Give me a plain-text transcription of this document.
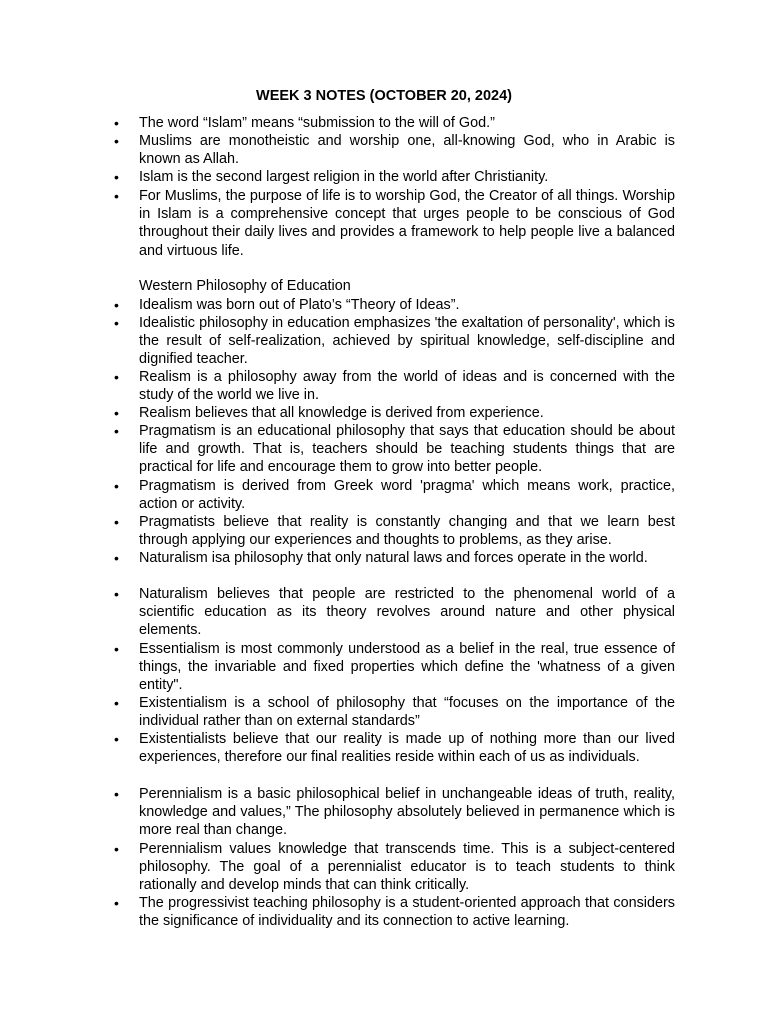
WEEK 3 NOTES (OCTOBER 20, 2024)
•	The word “Islam” means “submission to the will of God.”
•	Muslims are monotheistic and worship one, all-knowing God, who in Arabic is known as Allah.
•	Islam is the second largest religion in the world after Christianity.
•	For Muslims, the purpose of life is to worship God, the Creator of all things. Worship in Islam is a comprehensive concept that urges people to be conscious of God throughout their daily lives and provides a framework to help people live a balanced and virtuous life.
Western Philosophy of Education
•	Idealism was born out of Plato’s “Theory of Ideas”.
•	Idealistic philosophy in education emphasizes 'the exaltation of personality', which is the result of self-realization, achieved by spiritual knowledge, self-discipline and dignified teacher.
•	Realism is a philosophy away from the world of ideas and is concerned with the study of the world we live in.
•	Realism believes that all knowledge is derived from experience.
•	Pragmatism is an educational philosophy that says that education should be about life and growth. That is, teachers should be teaching students things that are practical for life and encourage them to grow into better people.
•	Pragmatism is derived from Greek word 'pragma' which means work, practice, action or activity.
•	Pragmatists believe that reality is constantly changing and that we learn best through applying our experiences and thoughts to problems, as they arise.
•	Naturalism isa philosophy that only natural laws and forces operate in the world.
•	Naturalism believes that people are restricted to the phenomenal world of a scientific education as its theory revolves around nature and other physical elements.
•	Essentialism is most commonly understood as a belief in the real, true essence of things, the invariable and fixed properties which define the 'whatness of a given entity".
•	Existentialism is a school of philosophy that “focuses on the importance of the individual rather than on external standards”
•	Existentialists believe that our reality is made up of nothing more than our lived experiences, therefore our final realities reside within each of us as individuals.
•	Perennialism is a basic philosophical belief in unchangeable ideas of truth, reality, knowledge and values,” The philosophy absolutely believed in permanence which is more real than change.
•	Perennialism values knowledge that transcends time. This is a subject-centered philosophy. The goal of a perennialist educator is to teach students to think rationally and develop minds that can think critically.
•	The progressivist teaching philosophy is a student-oriented approach that considers the significance of individuality and its connection to active learning.
